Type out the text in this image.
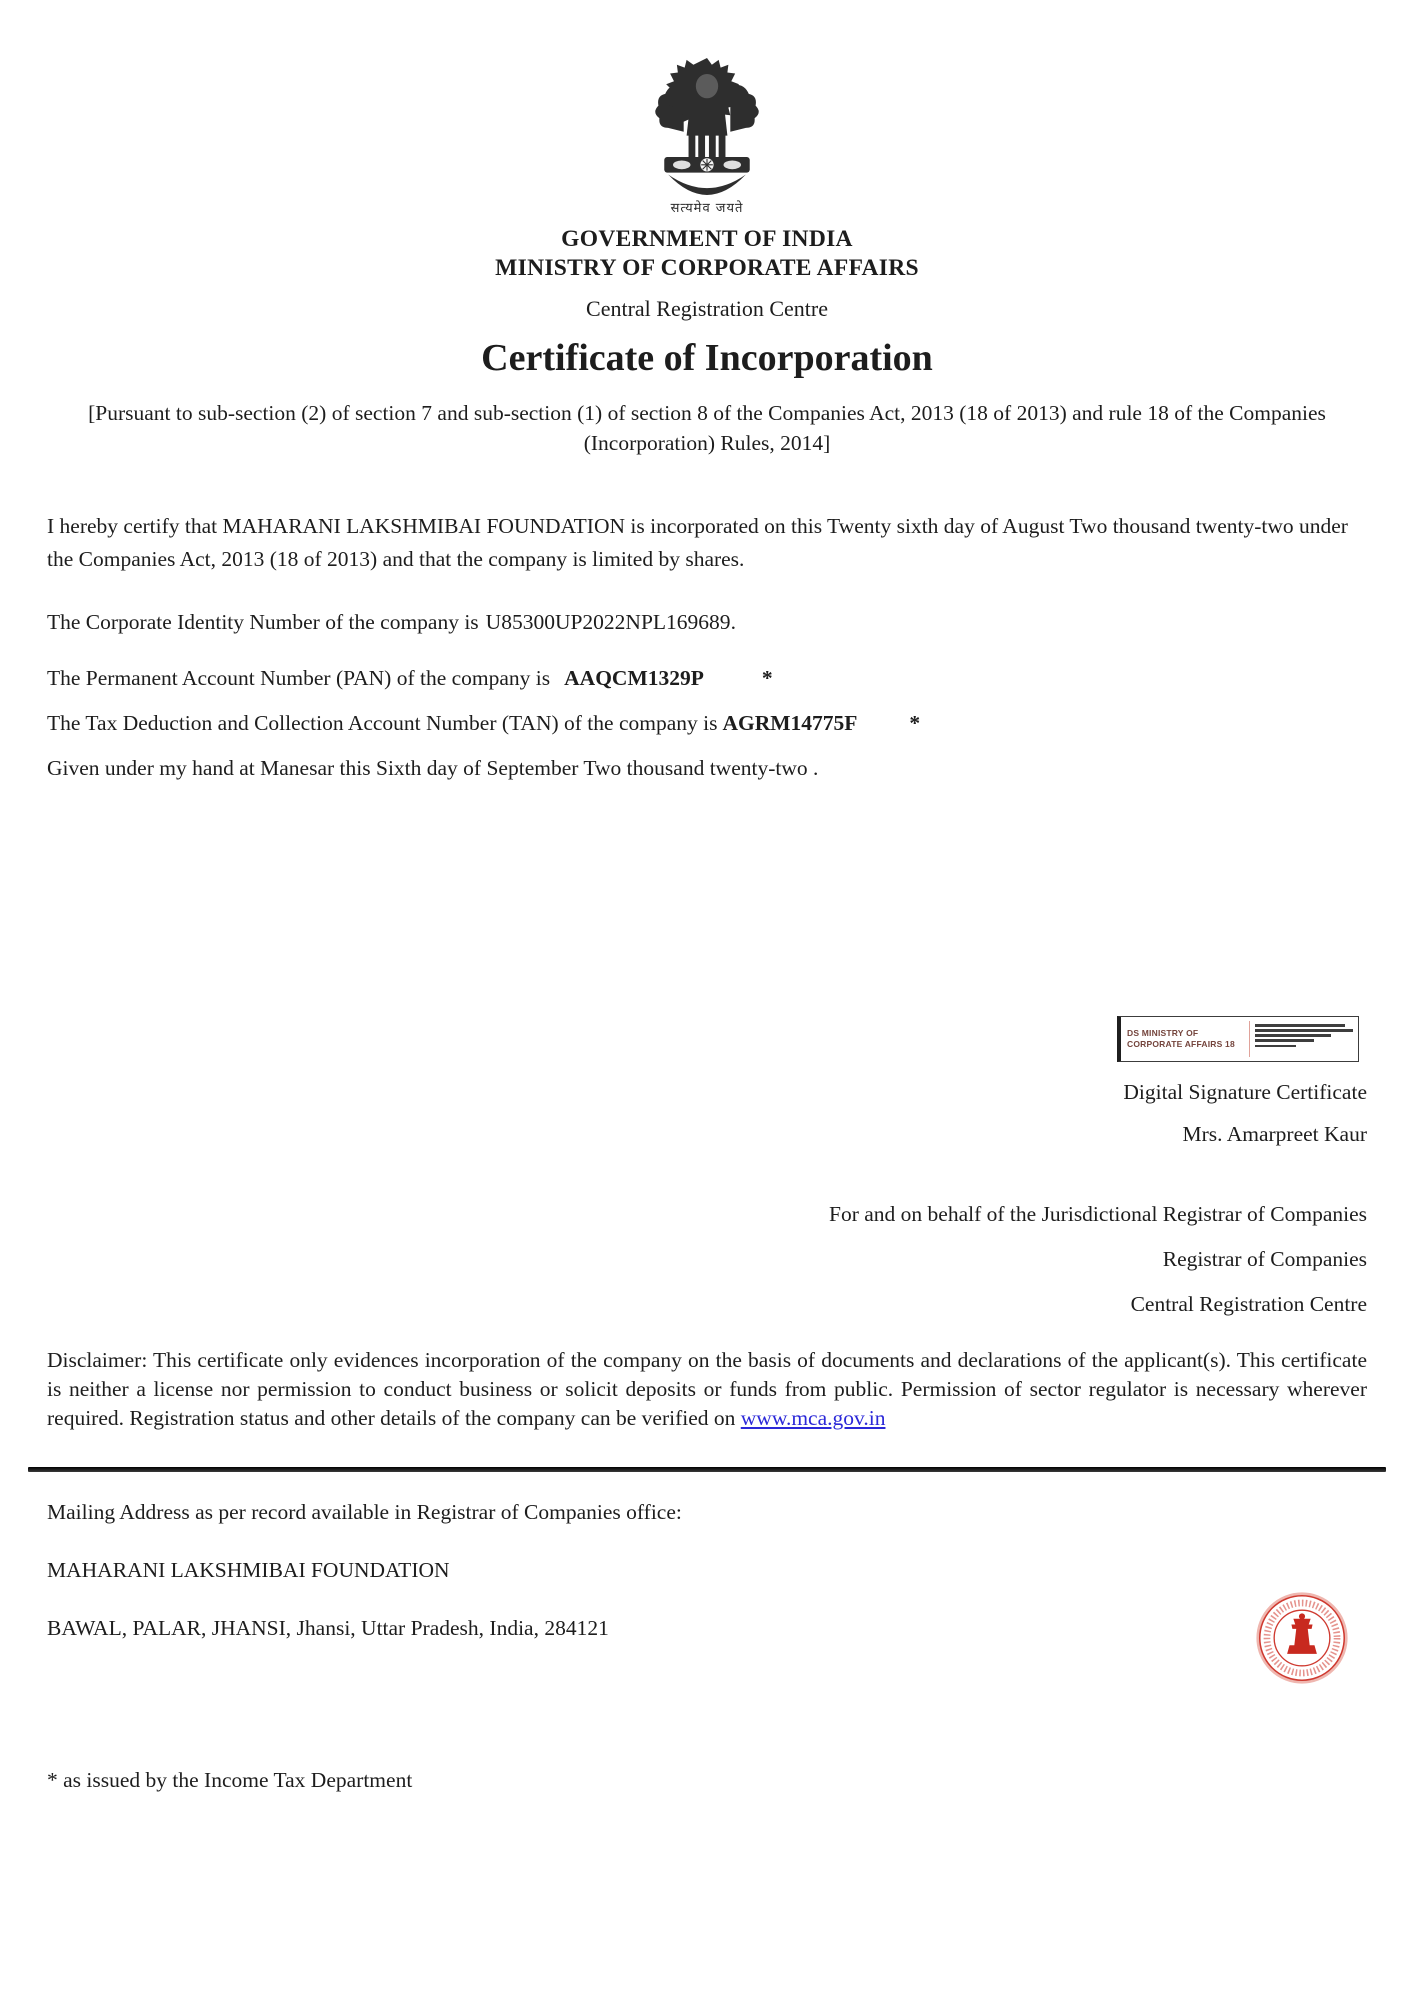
सत्यमेव जयते
GOVERNMENT OF INDIA
MINISTRY OF CORPORATE AFFAIRS
Central Registration Centre
Certificate of Incorporation

[Pursuant to sub-section (2) of section 7 and sub-section (1) of section 8 of the Companies Act, 2013 (18 of 2013) and rule 18 of the Companies (Incorporation) Rules, 2014]

I hereby certify that MAHARANI LAKSHMIBAI FOUNDATION is incorporated on this Twenty sixth day of August Two thousand twenty-two under the Companies Act, 2013 (18 of 2013) and that the company is limited by shares.

The Corporate Identity Number of the company is U85300UP2022NPL169689.

The Permanent Account Number (PAN) of the company is AAQCM1329P	*

The Tax Deduction and Collection Account Number (TAN) of the company is AGRM14775F *

Given under my hand at Manesar this Sixth day of September Two thousand twenty-two .

DS MINISTRY OF
CORPORATE AFFAIRS 18
Digital Signature Certificate
Mrs. Amarpreet Kaur
For and on behalf of the Jurisdictional Registrar of Companies
Registrar of Companies
Central Registration Centre

Disclaimer: This certificate only evidences incorporation of the company on the basis of documents and declarations of the applicant(s). This certificate is neither a license nor permission to conduct business or solicit deposits or funds from public. Permission of sector regulator is necessary wherever required. Registration status and other details of the company can be verified on www.mca.gov.in

Mailing Address as per record available in Registrar of Companies office:

MAHARANI LAKSHMIBAI FOUNDATION

BAWAL, PALAR, JHANSI, Jhansi, Uttar Pradesh, India, 284121

* as issued by the Income Tax Department
